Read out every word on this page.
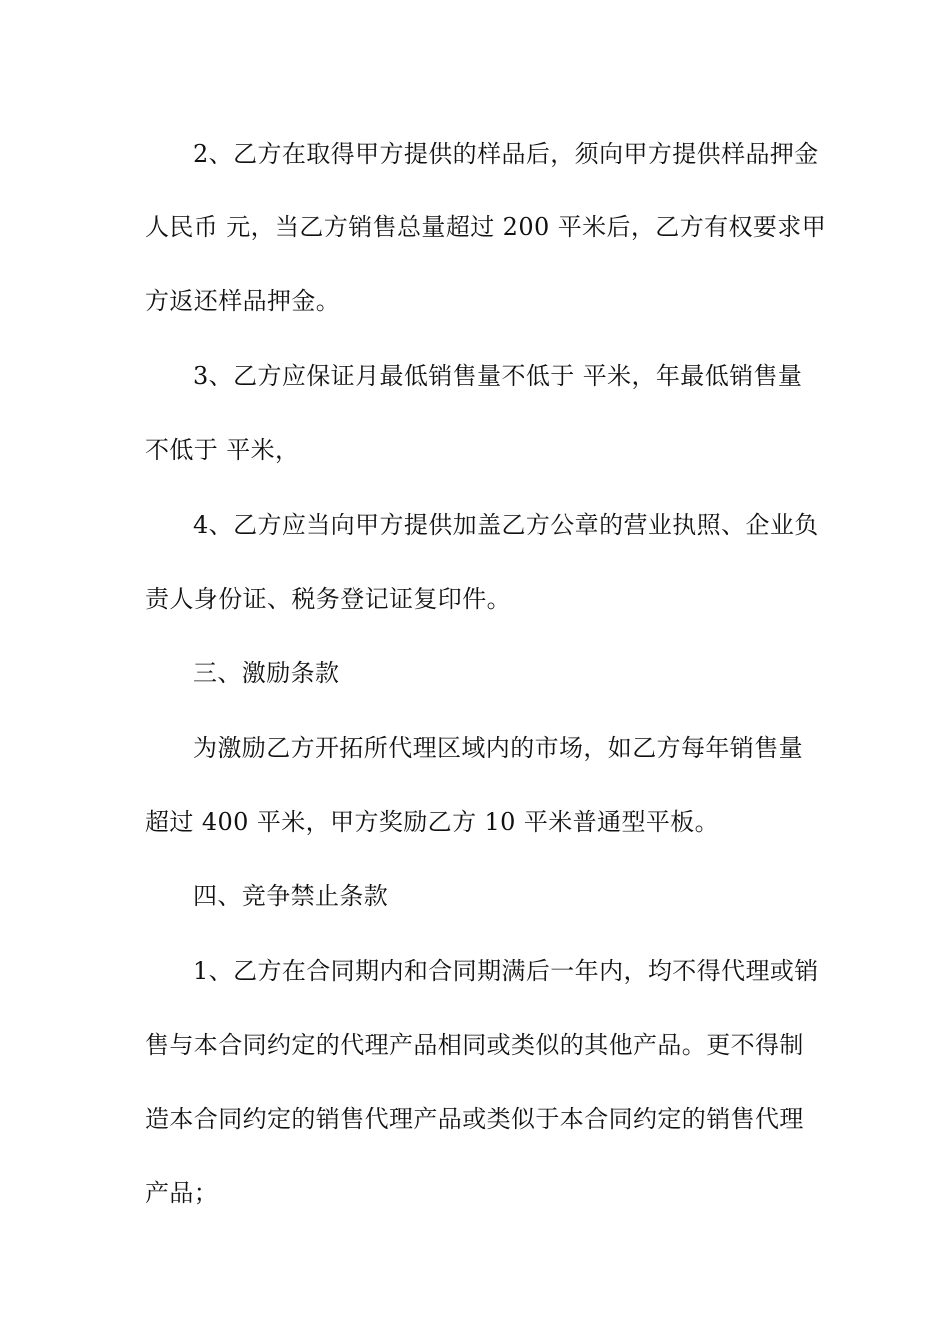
2、乙方在取得甲方提供的样品后，须向甲方提供样品押金
人民币 元，当乙方销售总量超过 200 平米后，乙方有权要求甲
方返还样品押金。
3、乙方应保证月最低销售量不低于 平米，年最低销售量
不低于 平米，
4、乙方应当向甲方提供加盖乙方公章的营业执照、企业负
责人身份证、税务登记证复印件。
三、激励条款
为激励乙方开拓所代理区域内的市场，如乙方每年销售量
超过 400 平米，甲方奖励乙方 10 平米普通型平板。
四、竞争禁止条款
1、乙方在合同期内和合同期满后一年内，均不得代理或销
售与本合同约定的代理产品相同或类似的其他产品。更不得制
造本合同约定的销售代理产品或类似于本合同约定的销售代理
产品；
